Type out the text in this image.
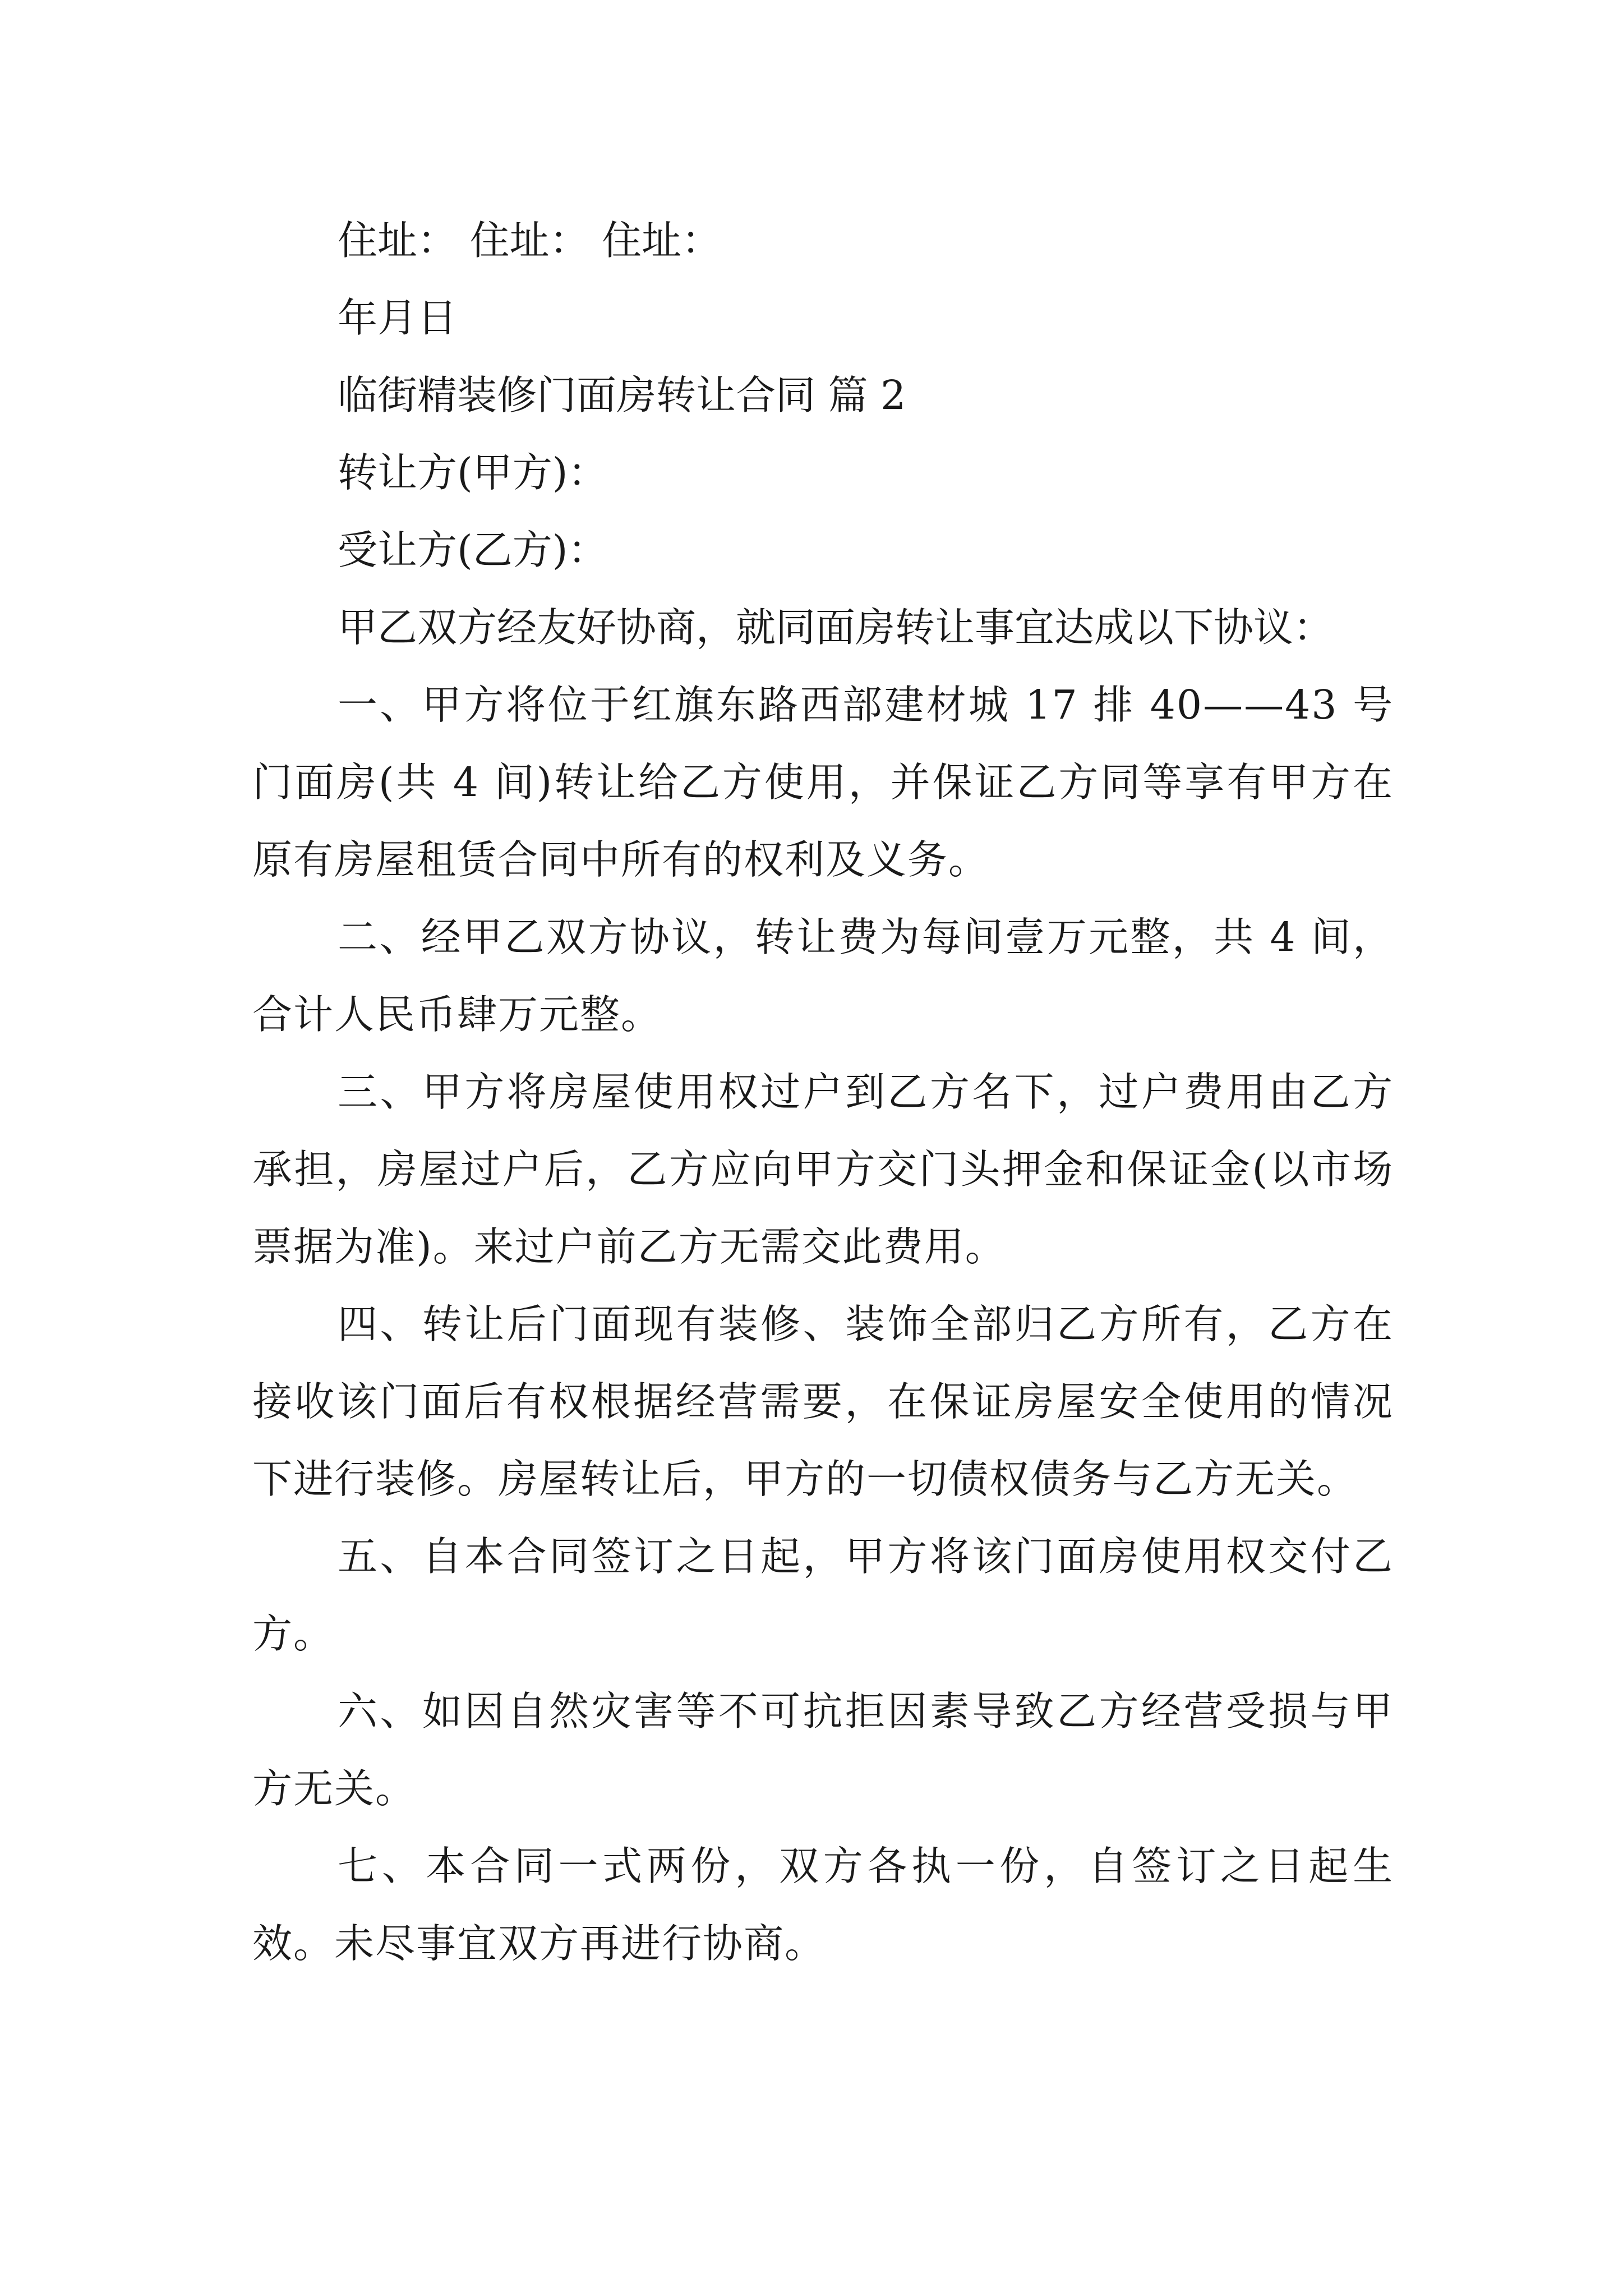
住址： 住址： 住址：
年月日
临街精装修门面房转让合同 篇 2
转让方(甲方)：
受让方(乙方)：
甲乙双方经友好协商，就同面房转让事宜达成以下协议：

一、甲方将位于红旗东路西部建材城 17 排 40——43 号门面房(共 4 间)转让给乙方使用，并保证乙方同等享有甲方在原有房屋租赁合同中所有的权利及义务。

二、经甲乙双方协议，转让费为每间壹万元整，共 4 间，合计人民币肆万元整。

三、甲方将房屋使用权过户到乙方名下，过户费用由乙方承担，房屋过户后，乙方应向甲方交门头押金和保证金(以市场票据为准)。来过户前乙方无需交此费用。

四、转让后门面现有装修、装饰全部归乙方所有，乙方在接收该门面后有权根据经营需要，在保证房屋安全使用的情况下进行装修。房屋转让后，甲方的一切债权债务与乙方无关。

五、自本合同签订之日起，甲方将该门面房使用权交付乙方。

六、如因自然灾害等不可抗拒因素导致乙方经营受损与甲方无关。

七、本合同一式两份，双方各执一份，自签订之日起生效。未尽事宜双方再进行协商。
